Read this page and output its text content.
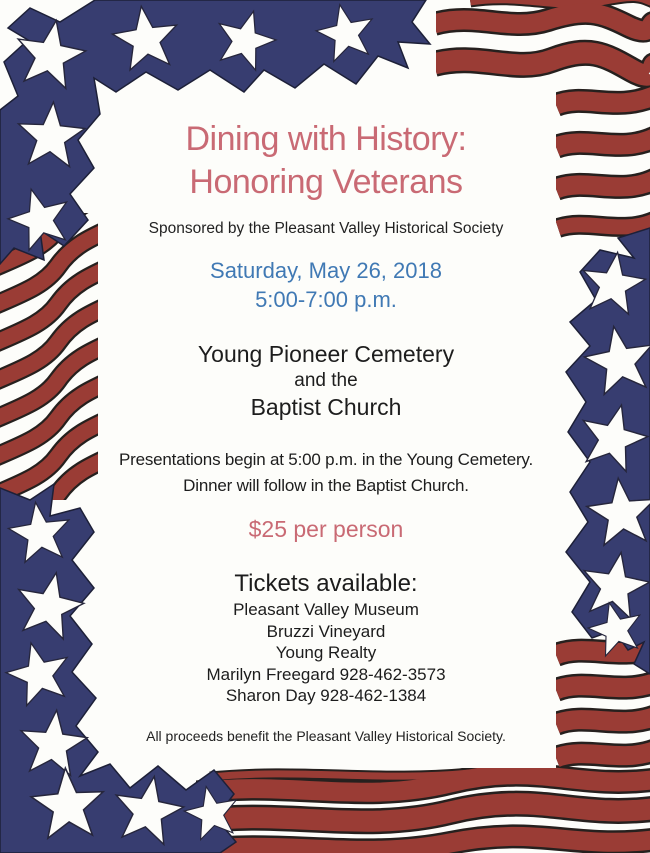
Dining with History:
Honoring Veterans
Sponsored by the Pleasant Valley Historical Society
Saturday, May 26, 2018
5:00-7:00 p.m.
Young Pioneer Cemetery
and the
Baptist Church
Presentations begin at 5:00 p.m. in the Young Cemetery.
Dinner will follow in the Baptist Church.
$25 per person
Tickets available:
Pleasant Valley Museum
Bruzzi Vineyard
Young Realty
Marilyn Freegard 928-462-3573
Sharon Day 928-462-1384
All proceeds benefit the Pleasant Valley Historical Society.
